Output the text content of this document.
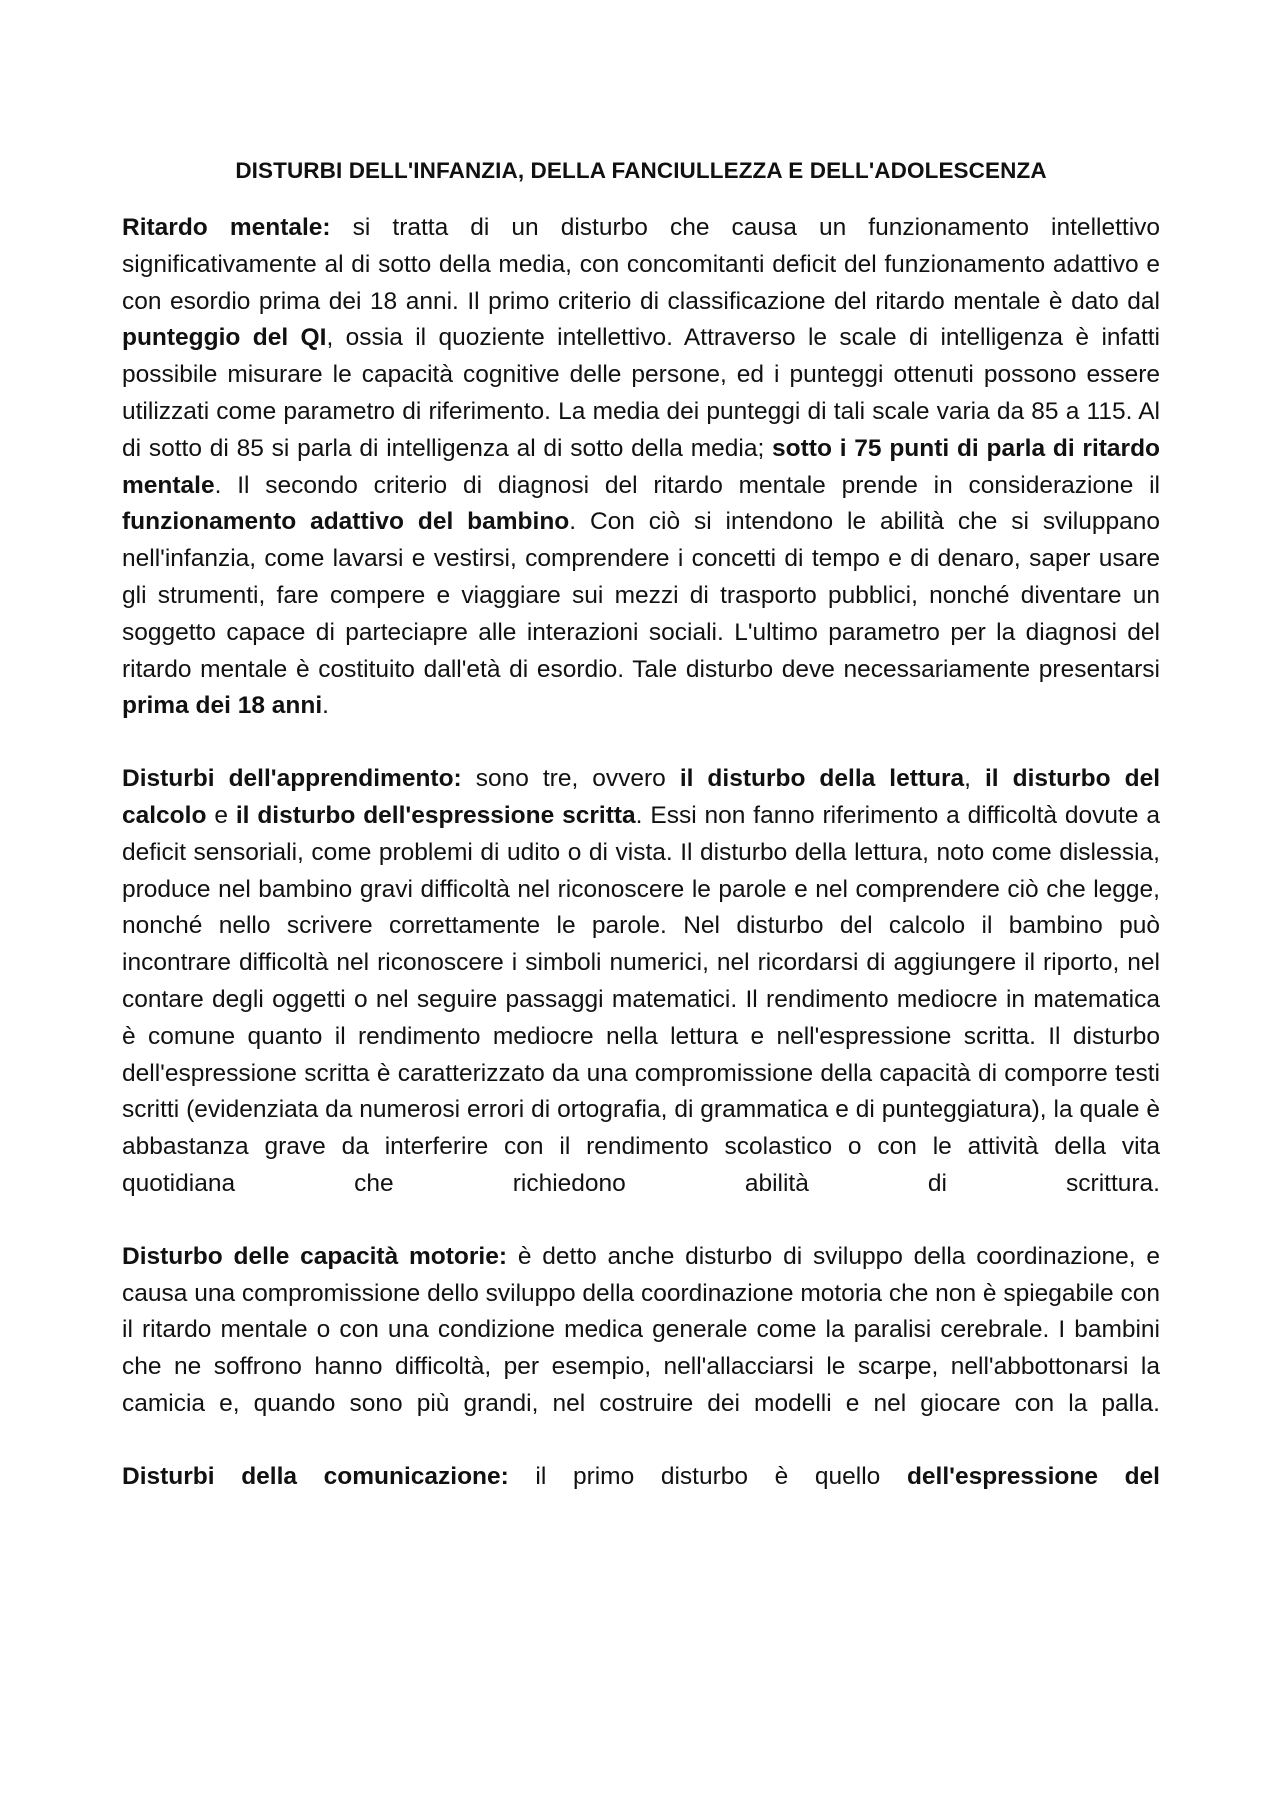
DISTURBI DELL'INFANZIA, DELLA FANCIULLEZZA E DELL'ADOLESCENZA

Ritardo mentale: si tratta di un disturbo che causa un funzionamento intellettivo significativamente al di sotto della media, con concomitanti deficit del funzionamento adattivo e con esordio prima dei 18 anni. Il primo criterio di classificazione del ritardo mentale è dato dal punteggio del QI, ossia il quoziente intellettivo. Attraverso le scale di intelligenza è infatti possibile misurare le capacità cognitive delle persone, ed i punteggi ottenuti possono essere utilizzati come parametro di riferimento. La media dei punteggi di tali scale varia da 85 a 115. Al di sotto di 85 si parla di intelligenza al di sotto della media; sotto i 75 punti di parla di ritardo mentale. Il secondo criterio di diagnosi del ritardo mentale prende in considerazione il funzionamento adattivo del bambino. Con ciò si intendono le abilità che si sviluppano nell'infanzia, come lavarsi e vestirsi, comprendere i concetti di tempo e di denaro, saper usare gli strumenti, fare compere e viaggiare sui mezzi di trasporto pubblici, nonché diventare un soggetto capace di parteciapre alle interazioni sociali. L'ultimo parametro per la diagnosi del ritardo mentale è costituito dall'età di esordio. Tale disturbo deve necessariamente presentarsi prima dei 18 anni.

Disturbi dell'apprendimento: sono tre, ovvero il disturbo della lettura, il disturbo del calcolo e il disturbo dell'espressione scritta. Essi non fanno riferimento a difficoltà dovute a deficit sensoriali, come problemi di udito o di vista. Il disturbo della lettura, noto come dislessia, produce nel bambino gravi difficoltà nel riconoscere le parole e nel comprendere ciò che legge, nonché nello scrivere correttamente le parole. Nel disturbo del calcolo il bambino può incontrare difficoltà nel riconoscere i simboli numerici, nel ricordarsi di aggiungere il riporto, nel contare degli oggetti o nel seguire passaggi matematici. Il rendimento mediocre in matematica è comune quanto il rendimento mediocre nella lettura e nell'espressione scritta. Il disturbo dell'espressione scritta è caratterizzato da una compromissione della capacità di comporre testi scritti (evidenziata da numerosi errori di ortografia, di grammatica e di punteggiatura), la quale è abbastanza grave da interferire con il rendimento scolastico o con le attività della vita quotidiana che richiedono abilità di scrittura.

Disturbo delle capacità motorie: è detto anche disturbo di sviluppo della coordinazione, e causa una compromissione dello sviluppo della coordinazione motoria che non è spiegabile con il ritardo mentale o con una condizione medica generale come la paralisi cerebrale. I bambini che ne soffrono hanno difficoltà, per esempio, nell'allacciarsi le scarpe, nell'abbottonarsi la camicia e, quando sono più grandi, nel costruire dei modelli e nel giocare con la palla.

Disturbi della comunicazione: il primo disturbo è quello dell'espressione del
